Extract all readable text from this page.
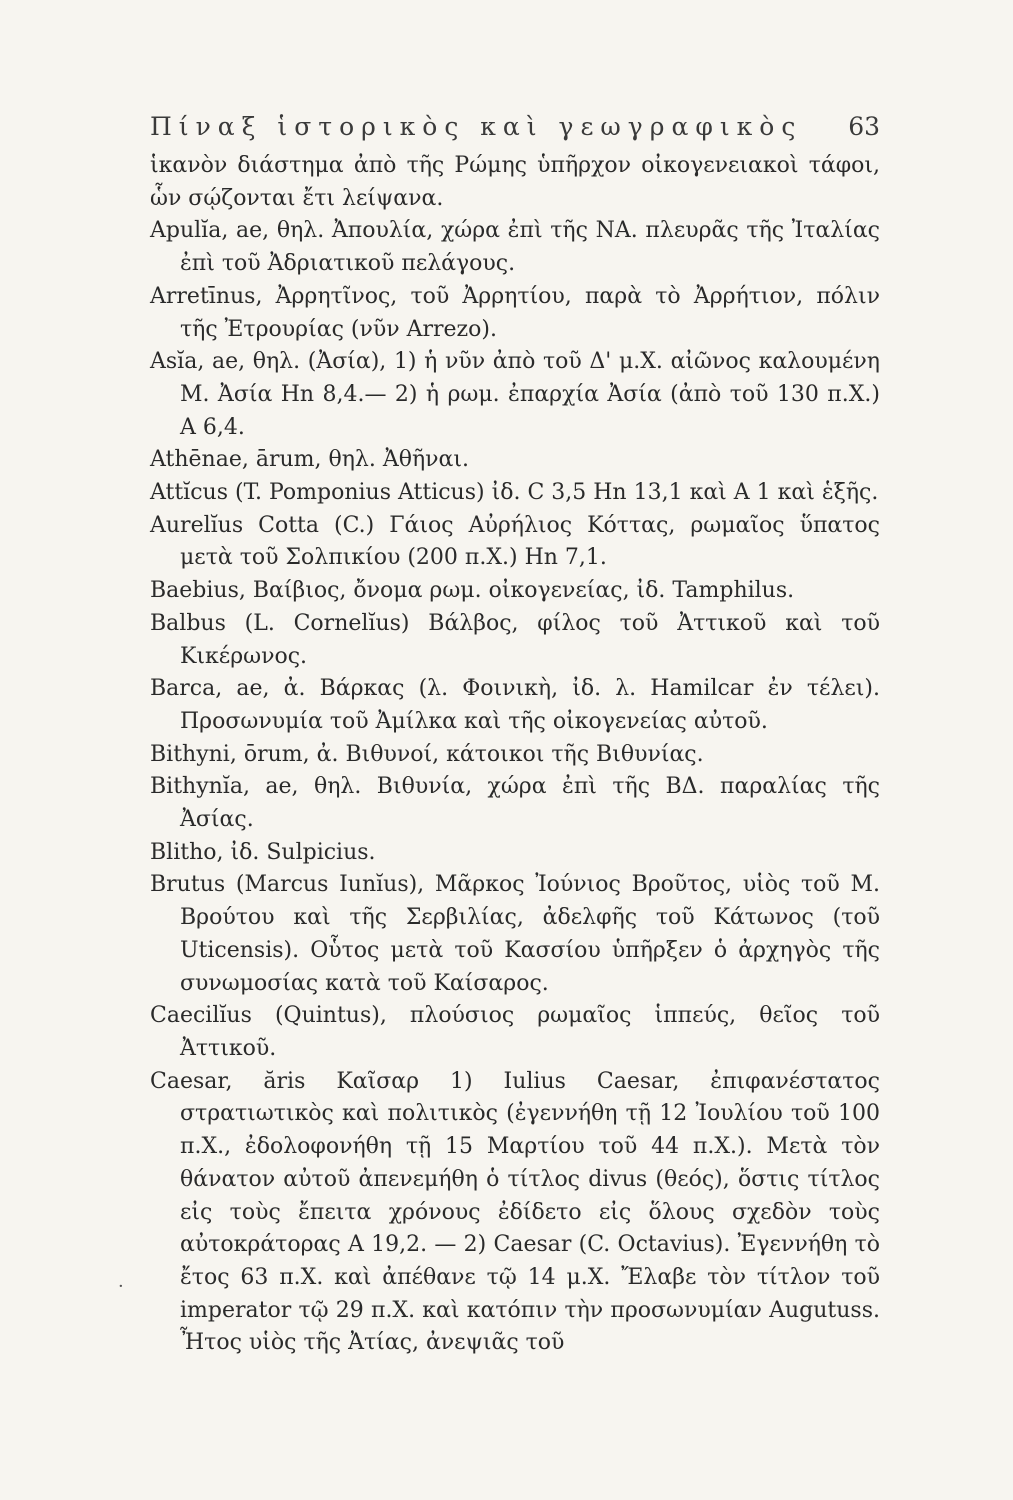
Πίναξ ἱστορικὸς καὶ γεωγραφικὸς 63

ἱκανὸν διάστημα ἀπὸ τῆς Ρώμης ὑπῆρχον οἰκογενειακοὶ τάφοι, ὧν σῴζονται ἔτι λείψανα.

Apulĭa, ae, θηλ. Ἀπουλία, χώρα ἐπὶ τῆς ΝΑ. πλευρᾶς τῆς Ἰταλίας ἐπὶ τοῦ Ἀδριατικοῦ πελάγους.

Arretīnus, Ἀρρητῖνος, τοῦ Ἀρρητίου, παρὰ τὸ Ἀρρήτιον, πόλιν τῆς Ἐτρουρίας (νῦν Arrezo).

Asĭa, ae, θηλ. (Ἀσία), 1) ἡ νῦν ἀπὸ τοῦ Δ' μ.Χ. αἰῶνος καλουμένη Μ. Ἀσία Hn 8,4.— 2) ἡ ρωμ. ἐπαρχία Ἀσία (ἀπὸ τοῦ 130 π.Χ.) A 6,4.

Athēnae, ārum, θηλ. Ἀθῆναι.

Attĭcus (T. Pomponius Atticus) ἰδ. C 3,5 Hn 13,1 καὶ A 1 καὶ ἑξῆς.

Aurelĭus Cotta (C.) Γάιος Αὐρήλιος Κόττας, ρωμαῖος ὕπατος μετὰ τοῦ Σολπικίου (200 π.Χ.) Hn 7,1.

Baebius, Βαίβιος, ὄνομα ρωμ. οἰκογενείας, ἰδ. Tamphilus.

Balbus (L. Cornelĭus) Βάλβος, φίλος τοῦ Ἀττικοῦ καὶ τοῦ Κικέρωνος.

Barca, ae, ἀ. Βάρκας (λ. Φοινικὴ, ἰδ. λ. Hamilcar ἐν τέλει). Προσωνυμία τοῦ Ἀμίλκα καὶ τῆς οἰκογενείας αὐτοῦ.

Bithyni, ōrum, ἀ. Βιθυνοί, κάτοικοι τῆς Βιθυνίας.

Bithynĭa, ae, θηλ. Βιθυνία, χώρα ἐπὶ τῆς ΒΔ. παραλίας τῆς Ἀσίας.

Blitho, ἰδ. Sulpicius.

Brutus (Marcus Iunĭus), Μᾶρκος Ἰούνιος Βροῦτος, υἱὸς τοῦ Μ. Βρούτου καὶ τῆς Σερβιλίας, ἀδελφῆς τοῦ Κάτωνος (τοῦ Uticensis). Οὗτος μετὰ τοῦ Κασσίου ὑπῆρξεν ὁ ἀρχηγὸς τῆς συνωμοσίας κατὰ τοῦ Καίσαρος.

Caecilĭus (Quintus), πλούσιος ρωμαῖος ἱππεύς, θεῖος τοῦ Ἀττικοῦ.

Caesar, ăris Καῖσαρ 1) Iulius Caesar, ἐπιφανέστατος στρατιωτικὸς καὶ πολιτικὸς (ἐγεννήθη τῇ 12 Ἰουλίου τοῦ 100 π.Χ., ἐδολοφονήθη τῇ 15 Μαρτίου τοῦ 44 π.Χ.). Μετὰ τὸν θάνατον αὐτοῦ ἀπενεμήθη ὁ τίτλος divus (θεός), ὅστις τίτλος εἰς τοὺς ἔπειτα χρόνους ἐδίδετο εἰς ὅλους σχεδὸν τοὺς αὐτοκράτορας A 19,2. — 2) Caesar (C. Octavius). Ἐγεννήθη τὸ ἔτος 63 π.Χ. καὶ ἀπέθανε τῷ 14 μ.Χ. Ἔλαβε τὸν τίτλον τοῦ imperator τῷ 29 π.Χ. καὶ κατόπιν τὴν προσωνυμίαν Augutuss. Ἦτος υἱὸς τῆς Ἀτίας, ἀνεψιᾶς τοῦ

·
